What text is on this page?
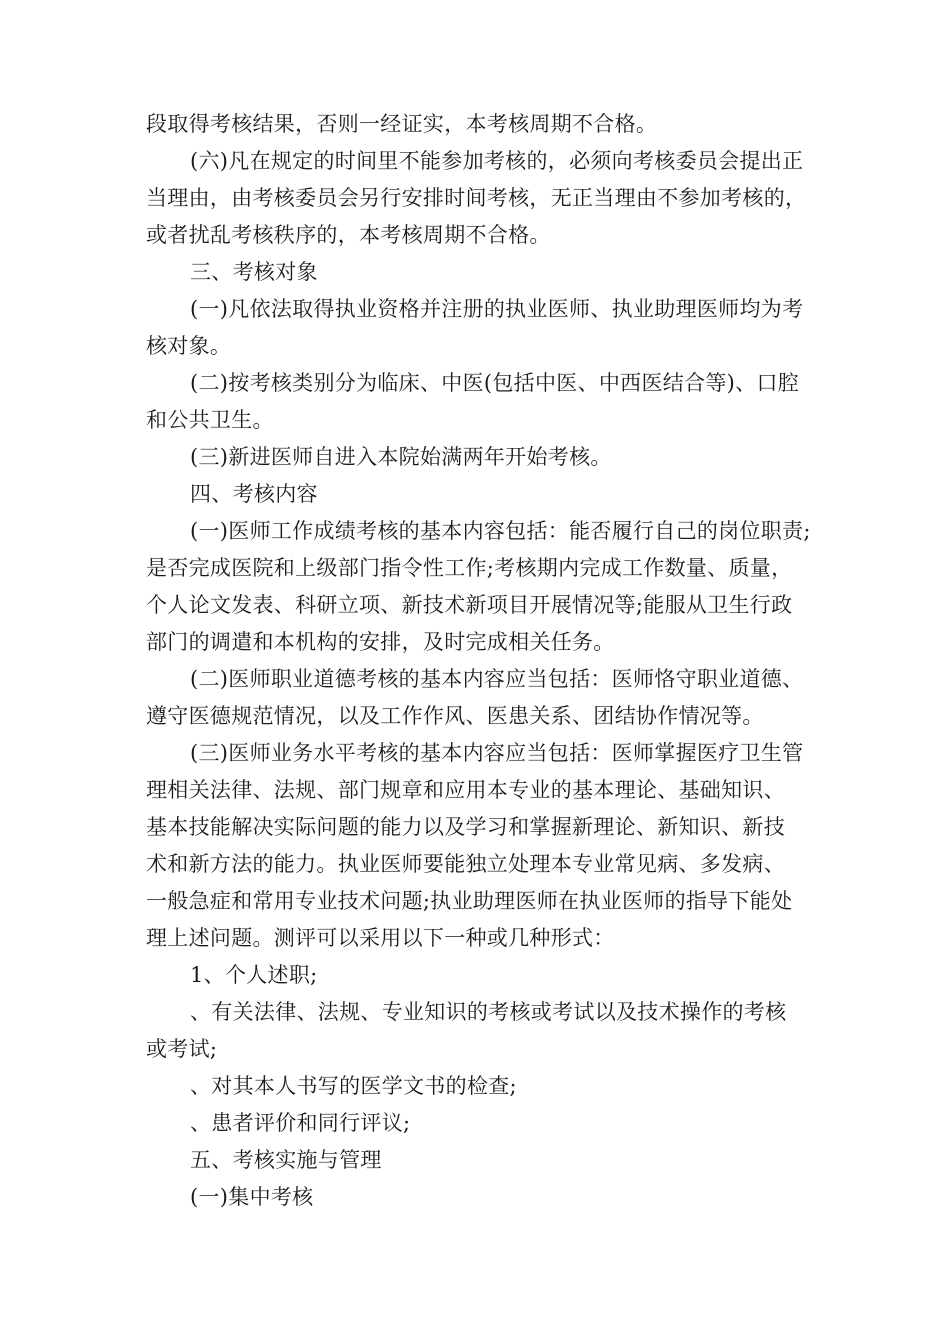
段取得考核结果，否则一经证实，本考核周期不合格。
(六)凡在规定的时间里不能参加考核的，必须向考核委员会提出正
当理由，由考核委员会另行安排时间考核，无正当理由不参加考核的，
或者扰乱考核秩序的，本考核周期不合格。
三、考核对象
(一)凡依法取得执业资格并注册的执业医师、执业助理医师均为考
核对象。
(二)按考核类别分为临床、中医(包括中医、中西医结合等)、口腔
和公共卫生。
(三)新进医师自进入本院始满两年开始考核。
四、考核内容
(一)医师工作成绩考核的基本内容包括：能否履行自己的岗位职责;
是否完成医院和上级部门指令性工作;考核期内完成工作数量、质量，
个人论文发表、科研立项、新技术新项目开展情况等;能服从卫生行政
部门的调遣和本机构的安排，及时完成相关任务。
(二)医师职业道德考核的基本内容应当包括：医师恪守职业道德、
遵守医德规范情况，以及工作作风、医患关系、团结协作情况等。
(三)医师业务水平考核的基本内容应当包括：医师掌握医疗卫生管
理相关法律、法规、部门规章和应用本专业的基本理论、基础知识、
基本技能解决实际问题的能力以及学习和掌握新理论、新知识、新技
术和新方法的能力。执业医师要能独立处理本专业常见病、多发病、
一般急症和常用专业技术问题;执业助理医师在执业医师的指导下能处
理上述问题。测评可以采用以下一种或几种形式：
1、个人述职;
、有关法律、法规、专业知识的考核或考试以及技术操作的考核
或考试;
、对其本人书写的医学文书的检查;
、患者评价和同行评议;
五、考核实施与管理
(一)集中考核
